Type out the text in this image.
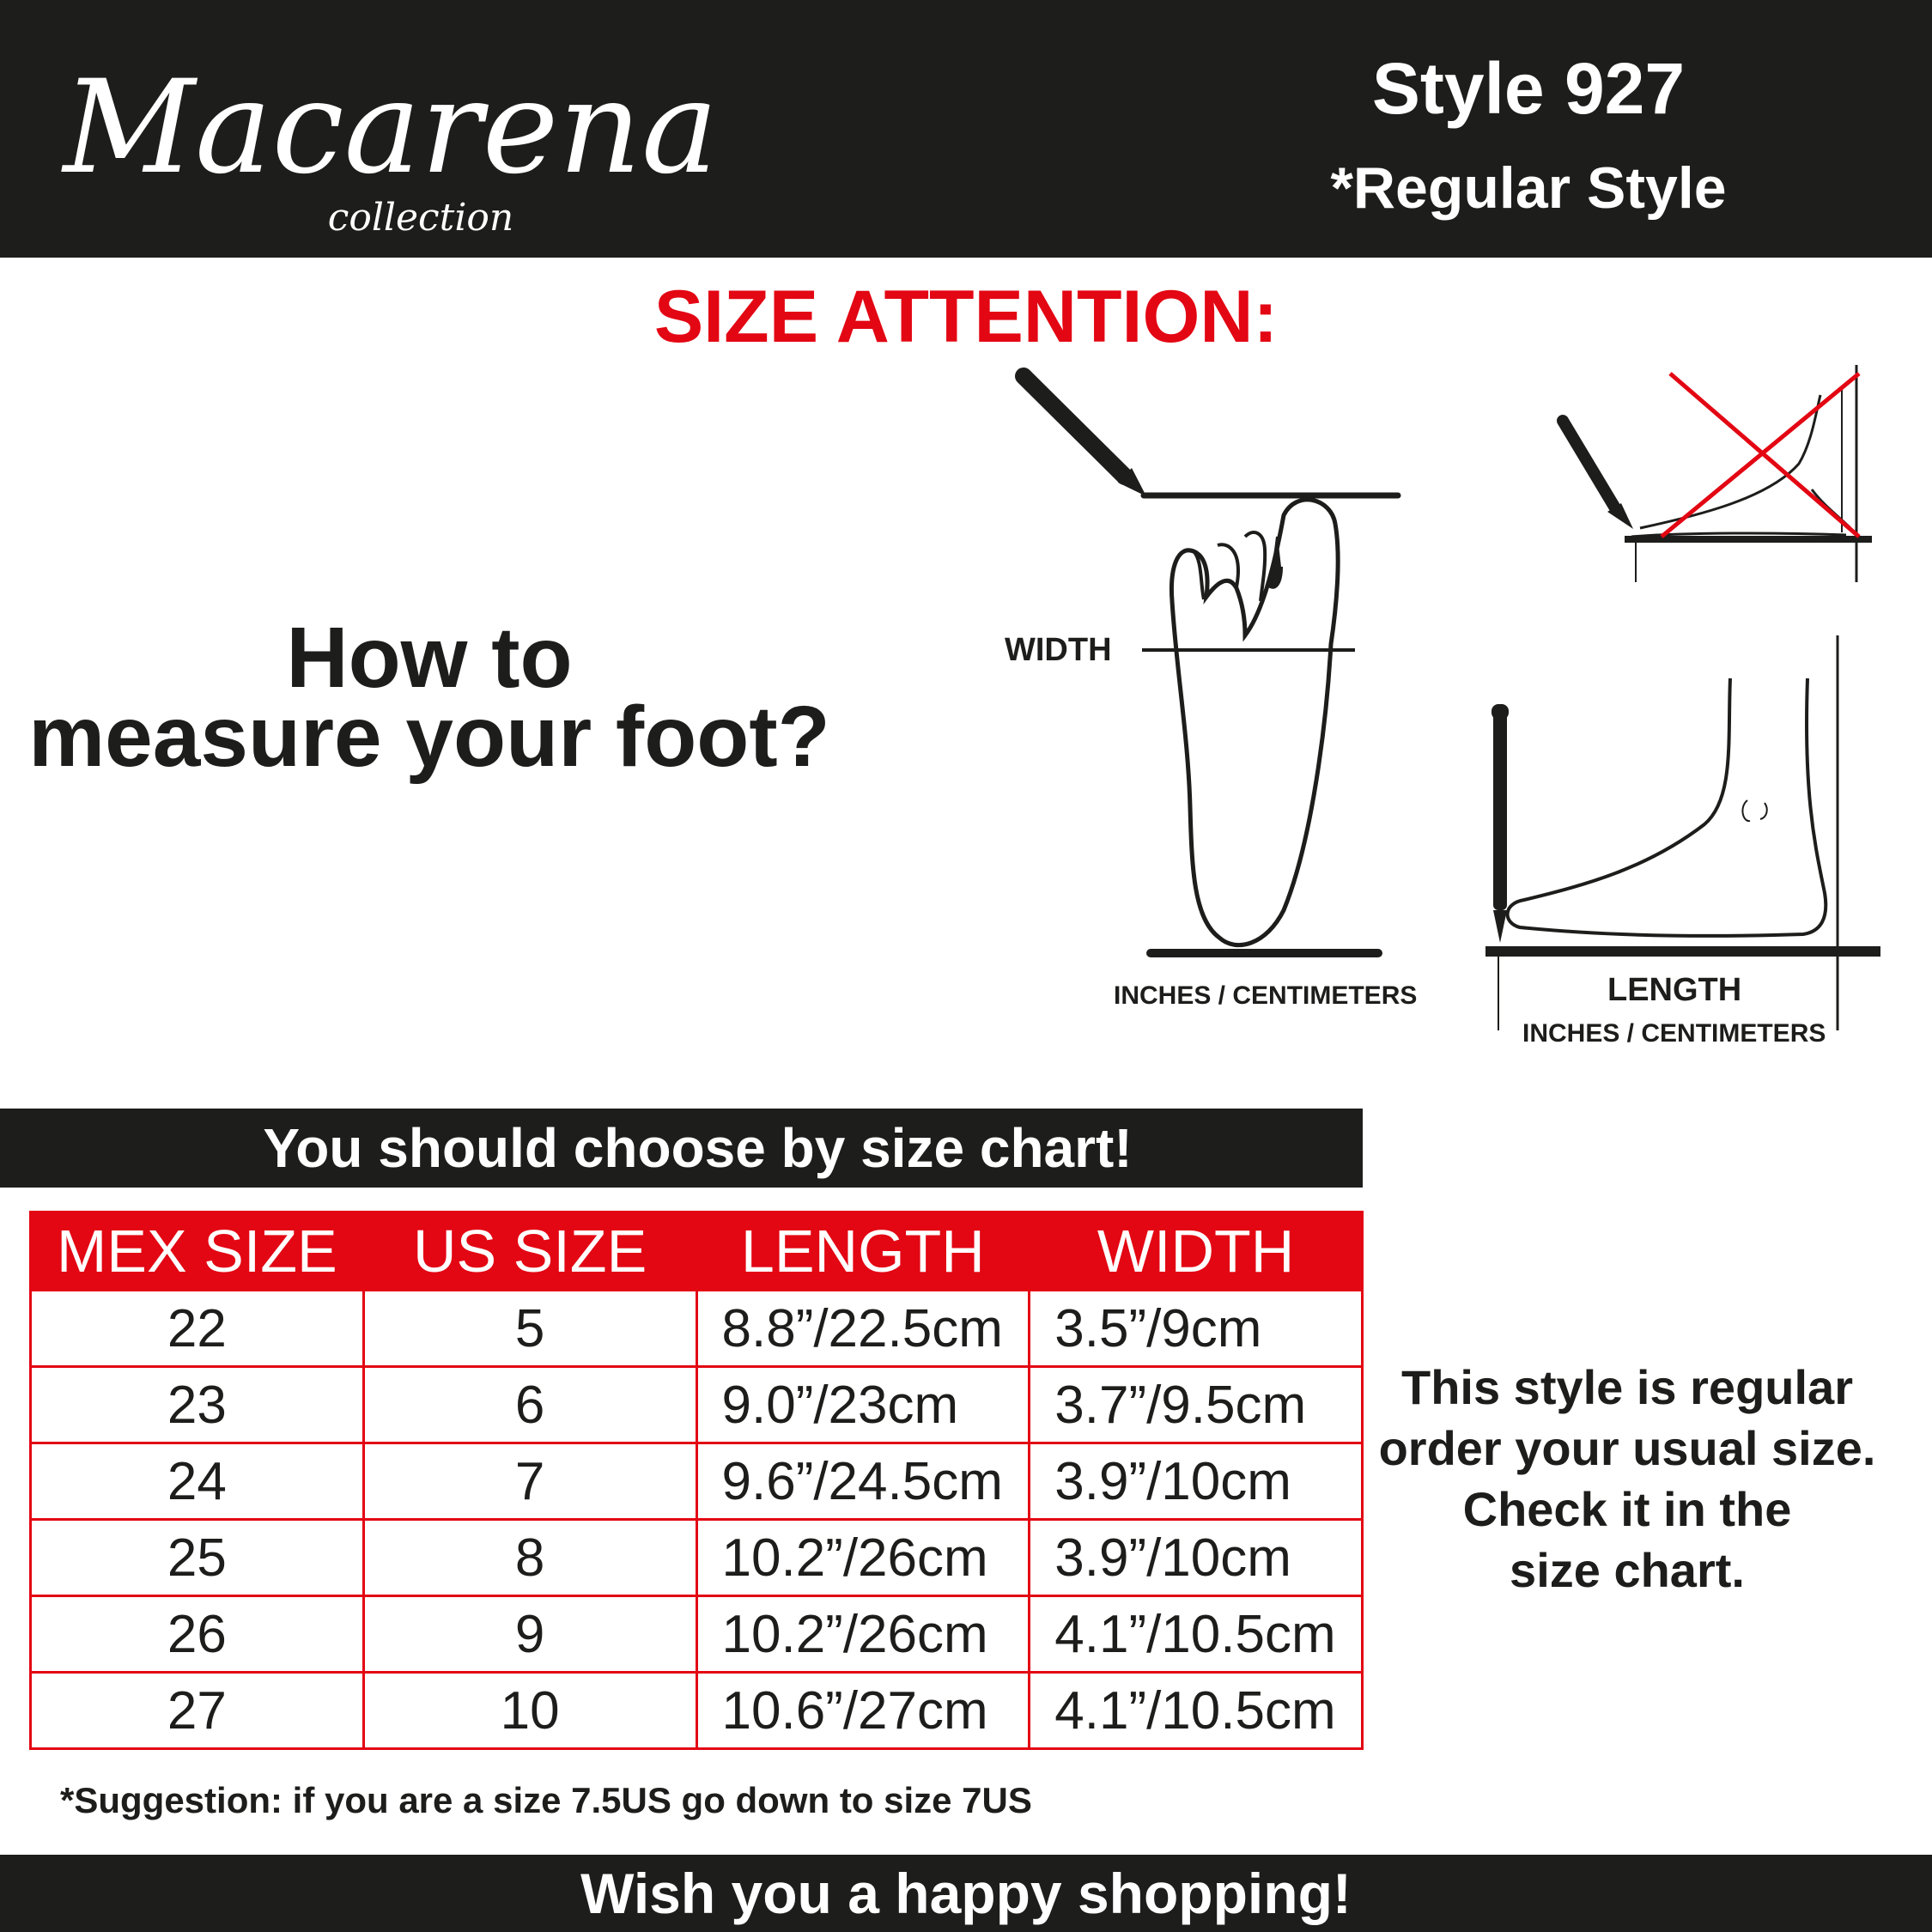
Macarena
collection
Style 927
*Regular Style
SIZE ATTENTION:
How to
measure your foot?
WIDTH
INCHES / CENTIMETERS	LENGTH
INCHES / CENTIMETERS
You should choose by size chart!
MEX SIZE	US SIZE	LENGTH	WIDTH
22	5	8.8”/22.5cm	3.5”/9cm
23	6	9.0”/23cm	3.7”/9.5cm
24	7	9.6”/24.5cm	3.9”/10cm
25	8	10.2”/26cm	3.9”/10cm
26	9	10.2”/26cm	4.1”/10.5cm
27	10	10.6”/27cm	4.1”/10.5cm
This style is regular
order your usual size.
Check it in the
size chart.
*Suggestion: if you are a size 7.5US go down to size 7US
Wish you a happy shopping!
